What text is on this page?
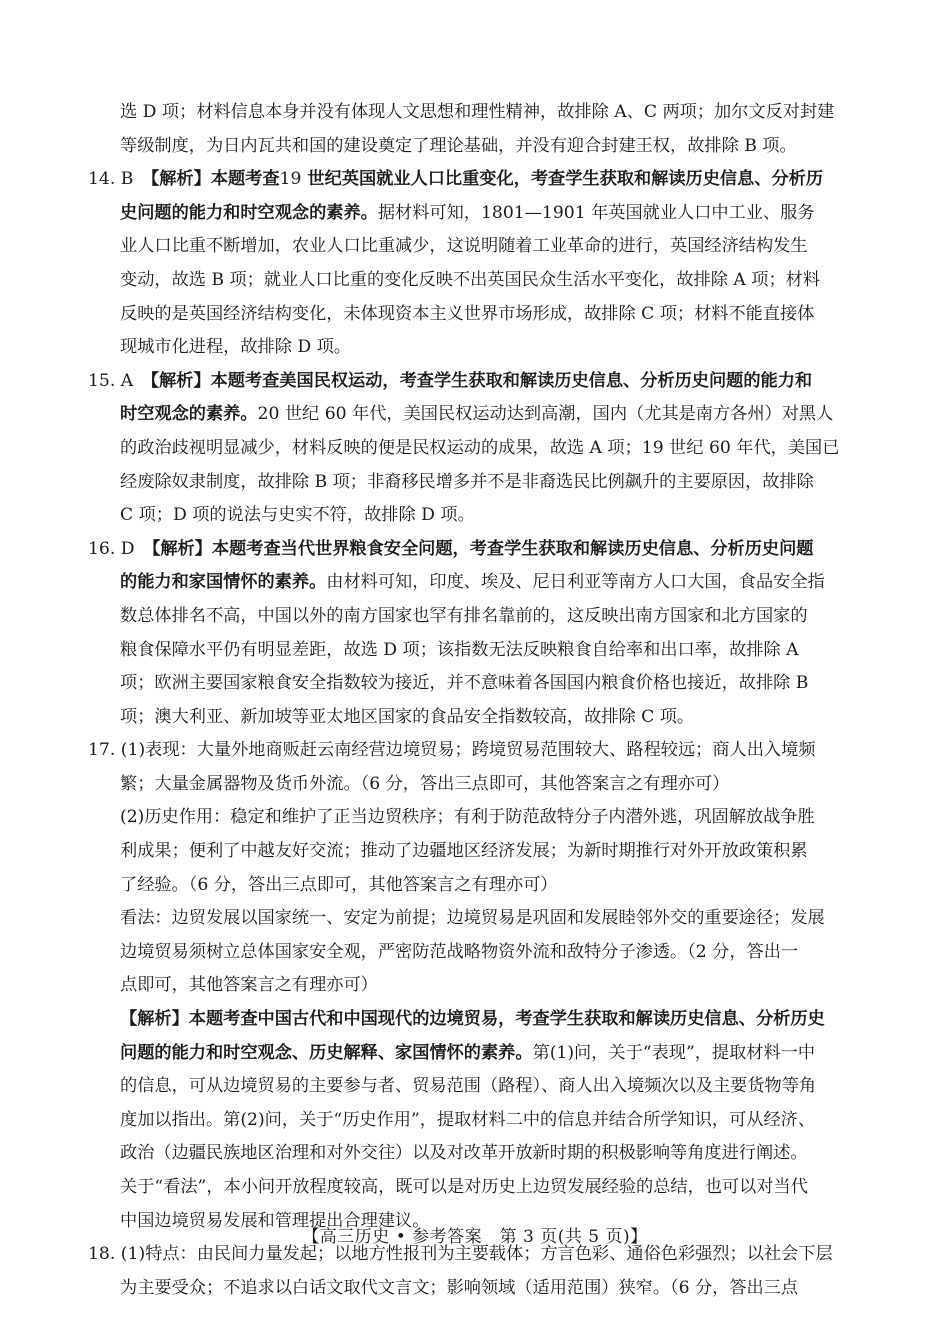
选 D 项；材料信息本身并没有体现人文思想和理性精神，故排除 A、C 两项；加尔文反对封建
等级制度，为日内瓦共和国的建设奠定了理论基础，并没有迎合封建王权，故排除 B 项。
14. B　【解析】本题考查19 世纪英国就业人口比重变化，考查学生获取和解读历史信息、分析历
史问题的能力和时空观念的素养。据材料可知，1801—1901 年英国就业人口中工业、服务
业人口比重不断增加，农业人口比重减少，这说明随着工业革命的进行，英国经济结构发生
变动，故选 B 项；就业人口比重的变化反映不出英国民众生活水平变化，故排除 A 项；材料
反映的是英国经济结构变化，未体现资本主义世界市场形成，故排除 C 项；材料不能直接体
现城市化进程，故排除 D 项。
15. A　【解析】本题考查美国民权运动，考查学生获取和解读历史信息、分析历史问题的能力和
时空观念的素养。20 世纪 60 年代，美国民权运动达到高潮，国内（尤其是南方各州）对黑人
的政治歧视明显减少，材料反映的便是民权运动的成果，故选 A 项；19 世纪 60 年代，美国已
经废除奴隶制度，故排除 B 项；非裔移民增多并不是非裔选民比例飙升的主要原因，故排除
C 项；D 项的说法与史实不符，故排除 D 项。
16. D　【解析】本题考查当代世界粮食安全问题，考查学生获取和解读历史信息、分析历史问题
的能力和家国情怀的素养。由材料可知，印度、埃及、尼日利亚等南方人口大国，食品安全指
数总体排名不高，中国以外的南方国家也罕有排名靠前的，这反映出南方国家和北方国家的
粮食保障水平仍有明显差距，故选 D 项；该指数无法反映粮食自给率和出口率，故排除 A
项；欧洲主要国家粮食安全指数较为接近，并不意味着各国国内粮食价格也接近，故排除 B
项；澳大利亚、新加坡等亚太地区国家的食品安全指数较高，故排除 C 项。
17. (1)表现：大量外地商贩赶云南经营边境贸易；跨境贸易范围较大、路程较远；商人出入境频
繁；大量金属器物及货币外流。（6 分，答出三点即可，其他答案言之有理亦可）
(2)历史作用：稳定和维护了正当边贸秩序；有利于防范敌特分子内潜外逃，巩固解放战争胜
利成果；便利了中越友好交流；推动了边疆地区经济发展；为新时期推行对外开放政策积累
了经验。（6 分，答出三点即可，其他答案言之有理亦可）
看法：边贸发展以国家统一、安定为前提；边境贸易是巩固和发展睦邻外交的重要途径；发展
边境贸易须树立总体国家安全观，严密防范战略物资外流和敌特分子渗透。（2 分，答出一
点即可，其他答案言之有理亦可）
【解析】本题考查中国古代和中国现代的边境贸易，考查学生获取和解读历史信息、分析历史
问题的能力和时空观念、历史解释、家国情怀的素养。第(1)问，关于“表现”，提取材料一中
的信息，可从边境贸易的主要参与者、贸易范围（路程）、商人出入境频次以及主要货物等角
度加以指出。第(2)问，关于“历史作用”，提取材料二中的信息并结合所学知识，可从经济、
政治（边疆民族地区治理和对外交往）以及对改革开放新时期的积极影响等角度进行阐述。
关于“看法”，本小问开放程度较高，既可以是对历史上边贸发展经验的总结，也可以对当代
中国边境贸易发展和管理提出合理建议。
18. (1)特点：由民间力量发起；以地方性报刊为主要载体；方言色彩、通俗色彩强烈；以社会下层
为主要受众；不追求以白话文取代文言文；影响领域（适用范围）狭窄。（6 分，答出三点
【高三历史 • 参考答案　第 3 页(共 5 页)】
